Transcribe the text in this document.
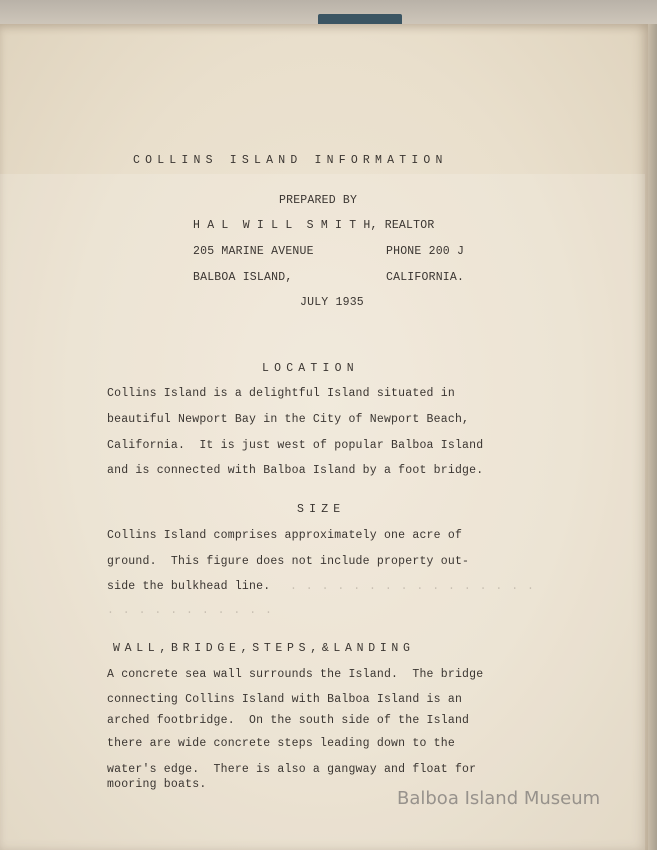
COLLINS ISLAND INFORMATION
PREPARED BY
H A L  W I L L  S M I T H, REALTOR
205 MARINE AVENUE	PHONE 200 J
BALBOA ISLAND,	CALIFORNIA.
JULY 1935
LOCATION
Collins Island is a delightful Island situated in
beautiful Newport Bay in the City of Newport Beach,
California.  It is just west of popular Balboa Island
and is connected with Balboa Island by a foot bridge.
SIZE
Collins Island comprises approximately one acre of
ground.  This figure does not include property out-
side the bulkhead line. . . . . . . . . . . . . . . . .
. . . . . . . . . . .
WALL,BRIDGE,STEPS,&LANDING
A concrete sea wall surrounds the Island.  The bridge
connecting Collins Island with Balboa Island is an
arched footbridge.  On the south side of the Island
there are wide concrete steps leading down to the
water's edge.  There is also a gangway and float for
mooring boats.
Balboa Island Museum
